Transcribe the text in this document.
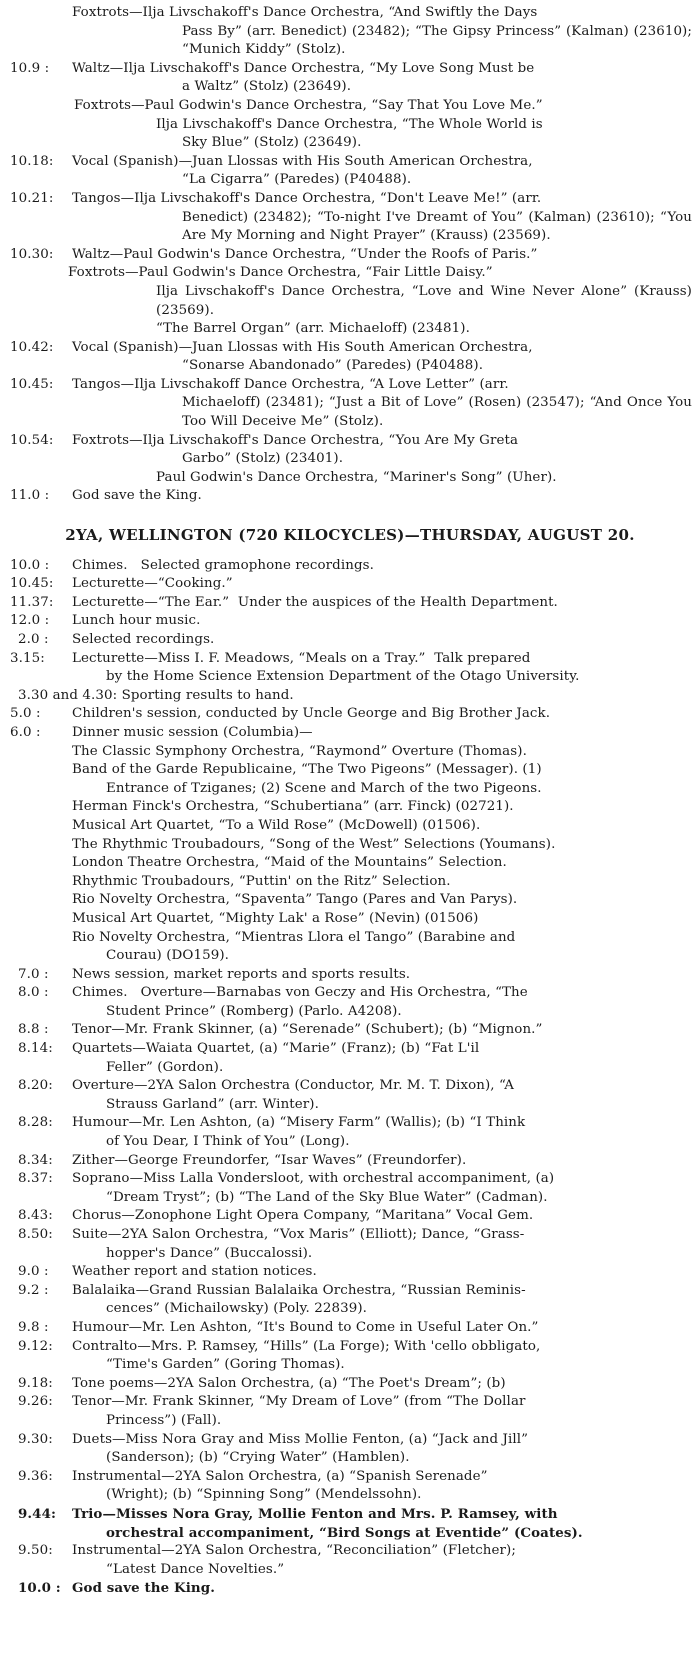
Foxtrots—Ilja Livschakoff's Dance Orchestra, “And Swiftly the Days
Pass By” (arr. Benedict) (23482); “The Gipsy Princess” (Kalman) (23610); “Munich Kiddy” (Stolz).
10.9 :	Waltz—Ilja Livschakoff's Dance Orchestra, “My Love Song Must be
a Waltz” (Stolz) (23649).
Foxtrots—Paul Godwin's Dance Orchestra, “Say That You Love Me.”
Ilja Livschakoff's Dance Orchestra, “The Whole World is
Sky Blue” (Stolz) (23649).
10.18:	Vocal (Spanish)—Juan Llossas with His South American Orchestra,
“La Cigarra” (Paredes) (P40488).
10.21:	Tangos—Ilja Livschakoff's Dance Orchestra, “Don't Leave Me!” (arr.
Benedict) (23482); “To-night I've Dreamt of You” (Kalman) (23610); “You Are My Morning and Night Prayer” (Krauss) (23569).
10.30:	Waltz—Paul Godwin's Dance Orchestra, “Under the Roofs of Paris.”
Foxtrots—Paul Godwin's Dance Orchestra, “Fair Little Daisy.”
Ilja Livschakoff's Dance Orchestra, “Love and Wine Never Alone” (Krauss) (23569).
“The Barrel Organ” (arr. Michaeloff) (23481).
10.42:	Vocal (Spanish)—Juan Llossas with His South American Orchestra,
“Sonarse Abandonado” (Paredes) (P40488).
10.45:	Tangos—Ilja Livschakoff Dance Orchestra, “A Love Letter” (arr.
Michaeloff) (23481); “Just a Bit of Love” (Rosen) (23547); “And Once You Too Will Deceive Me” (Stolz).
10.54:	Foxtrots—Ilja Livschakoff's Dance Orchestra, “You Are My Greta
Garbo” (Stolz) (23401).
Paul Godwin's Dance Orchestra, “Mariner's Song” (Uher).
11.0 :	God save the King.
2YA, WELLINGTON (720 KILOCYCLES)—THURSDAY, AUGUST 20.
10.0 :	Chimes.   Selected gramophone recordings.
10.45:	Lecturette—“Cooking.”
11.37:	Lecturette—“The Ear.”  Under the auspices of the Health Department.
12.0 :	Lunch hour music.
2.0 :	Selected recordings.
3.15:	Lecturette—Miss I. F. Meadows, “Meals on a Tray.”  Talk prepared
by the Home Science Extension Department of the Otago University.
3.30 and 4.30: Sporting results to hand.
5.0 :	Children's session, conducted by Uncle George and Big Brother Jack.
6.0 :	Dinner music session (Columbia)—
The Classic Symphony Orchestra, “Raymond” Overture (Thomas).
Band of the Garde Republicaine, “The Two Pigeons” (Messager). (1)
Entrance of Tziganes; (2) Scene and March of the two Pigeons.
Herman Finck's Orchestra, “Schubertiana” (arr. Finck) (02721).
Musical Art Quartet, “To a Wild Rose” (McDowell) (01506).
The Rhythmic Troubadours, “Song of the West” Selections (Youmans).
London Theatre Orchestra, “Maid of the Mountains” Selection.
Rhythmic Troubadours, “Puttin' on the Ritz” Selection.
Rio Novelty Orchestra, “Spaventa” Tango (Pares and Van Parys).
Musical Art Quartet, “Mighty Lak' a Rose” (Nevin) (01506)
Rio Novelty Orchestra, “Mientras Llora el Tango” (Barabine and
Courau) (DO159).
7.0 :	News session, market reports and sports results.
8.0 :	Chimes.   Overture—Barnabas von Geczy and His Orchestra, “The
Student Prince” (Romberg) (Parlo. A4208).
8.8 :	Tenor—Mr. Frank Skinner, (a) “Serenade” (Schubert); (b) “Mignon.”
8.14:	Quartets—Waiata Quartet, (a) “Marie” (Franz); (b) “Fat L'il
Feller” (Gordon).
8.20:	Overture—2YA Salon Orchestra (Conductor, Mr. M. T. Dixon), “A
Strauss Garland” (arr. Winter).
8.28:	Humour—Mr. Len Ashton, (a) “Misery Farm” (Wallis); (b) “I Think
of You Dear, I Think of You” (Long).
8.34:	Zither—George Freundorfer, “Isar Waves” (Freundorfer).
8.37:	Soprano—Miss Lalla Vondersloot, with orchestral accompaniment, (a)
“Dream Tryst”; (b) “The Land of the Sky Blue Water” (Cadman).
8.43:	Chorus—Zonophone Light Opera Company, “Maritana” Vocal Gem.
8.50:	Suite—2YA Salon Orchestra, “Vox Maris” (Elliott); Dance, “Grass-
hopper's Dance” (Buccalossi).
9.0 :	Weather report and station notices.
9.2 :	Balalaika—Grand Russian Balalaika Orchestra, “Russian Reminis-
cences” (Michailowsky) (Poly. 22839).
9.8 :	Humour—Mr. Len Ashton, “It's Bound to Come in Useful Later On.”
9.12:	Contralto—Mrs. P. Ramsey, “Hills” (La Forge); With 'cello obbligato,
“Time's Garden” (Goring Thomas).
9.18:	Tone poems—2YA Salon Orchestra, (a) “The Poet's Dream”; (b)
9.26:	Tenor—Mr. Frank Skinner, “My Dream of Love” (from “The Dollar
Princess”) (Fall).
9.30:	Duets—Miss Nora Gray and Miss Mollie Fenton, (a) “Jack and Jill”
(Sanderson); (b) “Crying Water” (Hamblen).
9.36:	Instrumental—2YA Salon Orchestra, (a) “Spanish Serenade”
(Wright); (b) “Spinning Song” (Mendelssohn).
9.44:	Trio—Misses Nora Gray, Mollie Fenton and Mrs. P. Ramsey, with
orchestral accompaniment, “Bird Songs at Eventide” (Coates).
9.50:	Instrumental—2YA Salon Orchestra, “Reconciliation” (Fletcher);
“Latest Dance Novelties.”
10.0 : God save the King.
